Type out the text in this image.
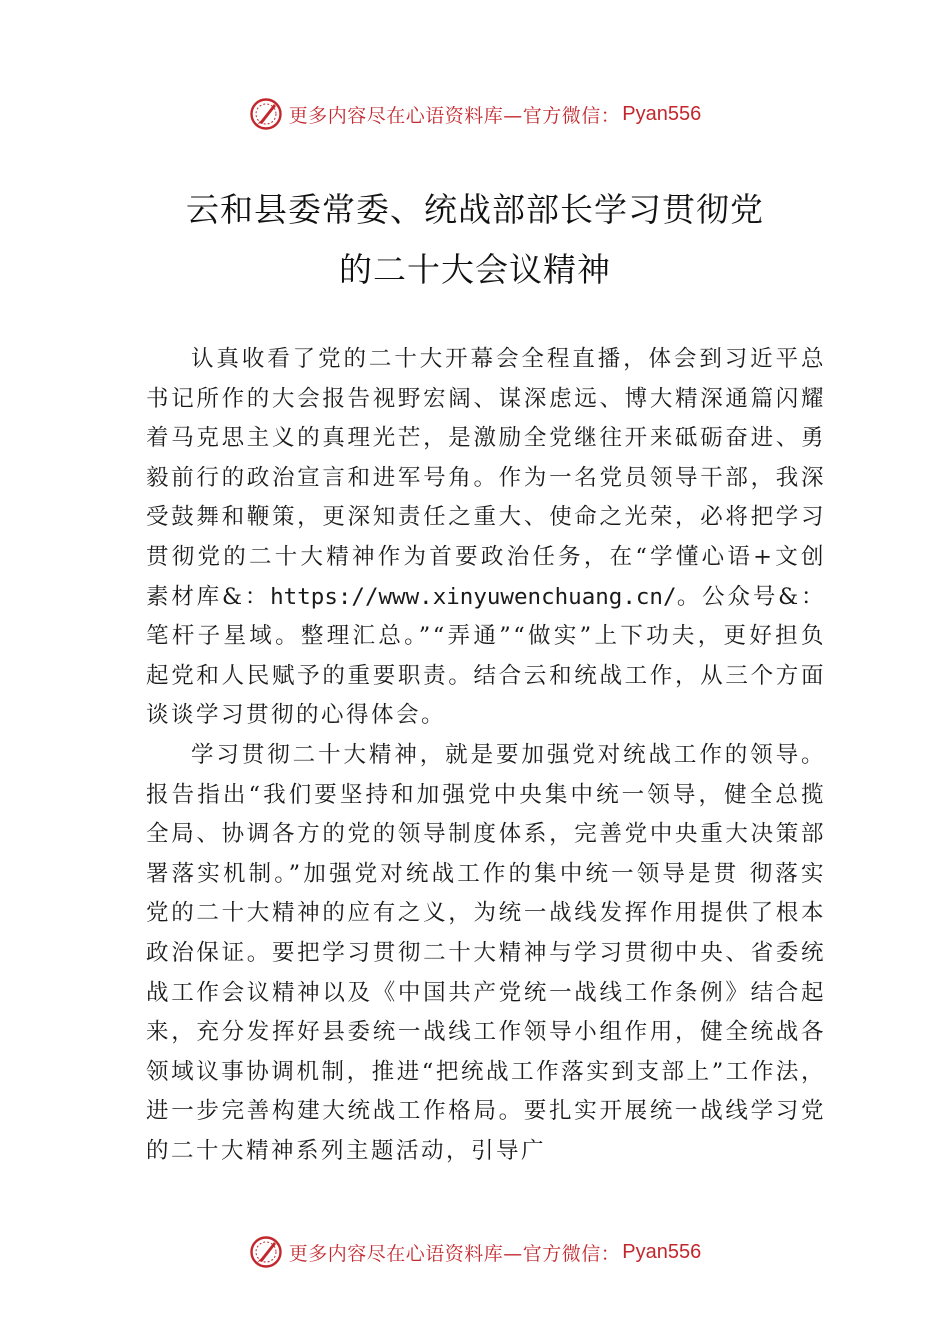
更多内容尽在心语资料库—官方微信： Pyan556
云和县委常委、统战部部长学习贯彻党
的二十大会议精神

认真收看了党的二十大开幕会全程直播，体会到习近平总书记所作的大会报告视野宏阔、谋深虑远、博大精深通篇闪耀着马克思主义的真理光芒，是激励全党继往开来砥砺奋进、勇毅前行的政治宣言和进军号角。作为一名党员领导干部，我深受鼓舞和鞭策，更深知责任之重大、使命之光荣，必将把学习贯彻党的二十大精神作为首要政治任务，在“学懂心语+文创素材库&：https://www.xinyuwenchuang.cn/。公众号&：笔杆子星域。整理汇总。”“弄通”“做实”上下功夫，更好担负起党和人民赋予的重要职责。结合云和统战工作，从三个方面谈谈学习贯彻的心得体会。

学习贯彻二十大精神，就是要加强党对统战工作的领导。报告指出“我们要坚持和加强党中央集中统一领导，健全总揽全局、协调各方的党的领导制度体系，完善党中央重大决策部署落实机制。”加强党对统战工作的集中统一领导是贯 彻落实党的二十大精神的应有之义，为统一战线发挥作用提供了根本政治保证。要把学习贯彻二十大精神与学习贯彻中央、省委统战工作会议精神以及《中国共产党统一战线工作条例》结合起来，充分发挥好县委统一战线工作领导小组作用，健全统战各领域议事协调机制，推进“把统战工作落实到支部上”工作法，进一步完善构建大统战工作格局。要扎实开展统一战线学习党的二十大精神系列主题活动，引导广

更多内容尽在心语资料库—官方微信： Pyan556
